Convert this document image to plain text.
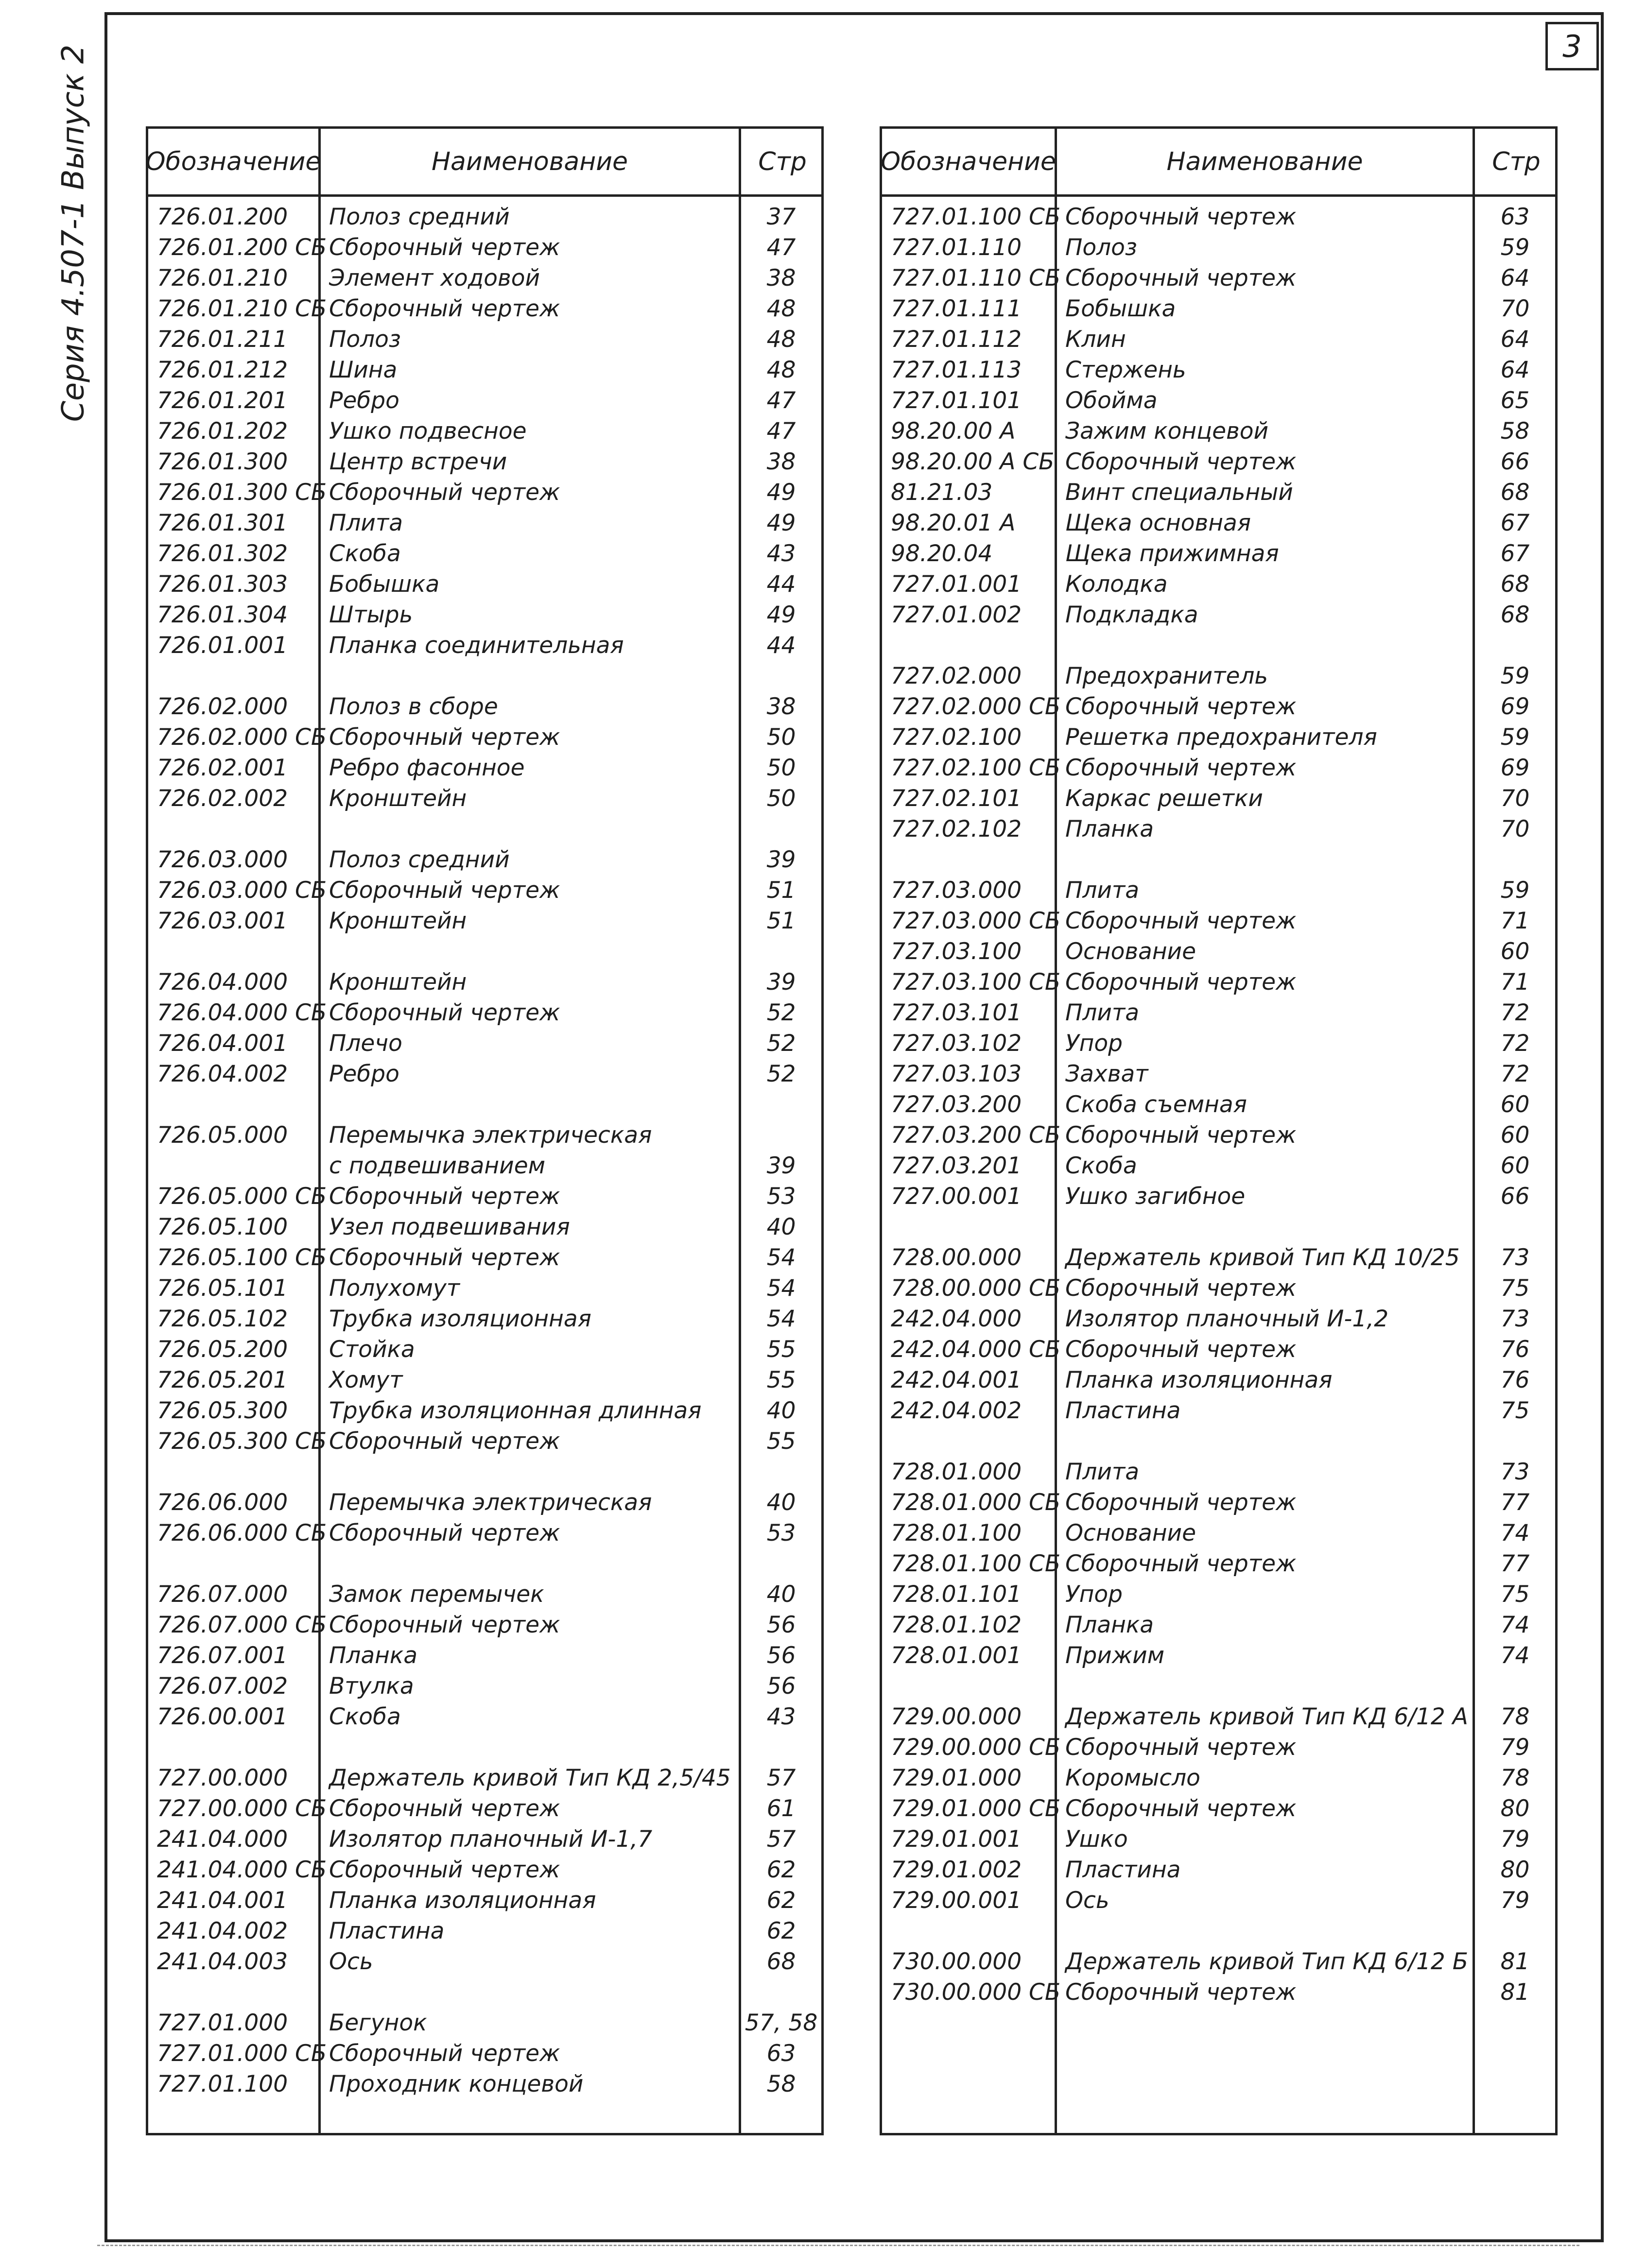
Серия 4.507-1 Выпуск 2	3
Обозначение	Наименование	Стр
726.01.200 Полоз средний	37
726.01.200 СБ Сборочный чертеж	47
726.01.210 Элемент ходовой	38
726.01.210 СБ Сборочный чертеж	48
726.01.211 Полоз	48
726.01.212 Шина	48
726.01.201 Ребро	47
726.01.202 Ушко подвесное	47
726.01.300 Центр встречи	38
726.01.300 СБ Сборочный чертеж	49
726.01.301 Плита	49
726.01.302 Скоба	43
726.01.303 Бобышка	44
726.01.304 Штырь	49
726.01.001 Планка соединительная	44
726.02.000 Полоз в сборе	38
726.02.000 СБ Сборочный чертеж	50
726.02.001 Ребро фасонное	50
726.02.002 Кронштейн	50
726.03.000 Полоз средний	39
726.03.000 СБ Сборочный чертеж	51
726.03.001 Кронштейн	51
726.04.000 Кронштейн	39
726.04.000 СБ Сборочный чертеж	52
726.04.001 Плечо	52
726.04.002 Ребро	52
726.05.000 Перемычка электрическая
с подвешиванием	39
726.05.000 СБ Сборочный чертеж	53
726.05.100 Узел подвешивания	40
726.05.100 СБ Сборочный чертеж	54
726.05.101 Полухомут	54
726.05.102 Трубка изоляционная	54
726.05.200 Стойка	55
726.05.201 Хомут	55
726.05.300 Трубка изоляционная длинная	40
726.05.300 СБ Сборочный чертеж	55
726.06.000 Перемычка электрическая	40
726.06.000 СБ Сборочный чертеж	53
726.07.000 Замок перемычек	40
726.07.000 СБ Сборочный чертеж	56
726.07.001 Планка	56
726.07.002 Втулка	56
726.00.001 Скоба	43
727.00.000 Держатель кривой Тип КД 2,5/45	57
727.00.000 СБ Сборочный чертеж	61
241.04.000 Изолятор планочный И-1,7	57
241.04.000 СБ Сборочный чертеж	62
241.04.001 Планка изоляционная	62
241.04.002 Пластина	62
241.04.003 Ось	68
727.01.000 Бегунок	57, 58
727.01.000 СБ Сборочный чертеж	63
727.01.100 Проходник концевой	58
Обозначение	Наименование	Стр
727.01.100 СБ Сборочный чертеж	63
727.01.110 Полоз	59
727.01.110 СБ Сборочный чертеж	64
727.01.111 Бобышка	70
727.01.112 Клин	64
727.01.113 Стержень	64
727.01.101 Обойма	65
98.20.00 А Зажим концевой	58
98.20.00 А СБ Сборочный чертеж	66
81.21.03	Винт специальный	68
98.20.01 А Щека основная	67
98.20.04	Щека прижимная	67
727.01.001 Колодка	68
727.01.002 Подкладка	68
727.02.000 Предохранитель	59
727.02.000 СБ Сборочный чертеж	69
727.02.100 Решетка предохранителя	59
727.02.100 СБ Сборочный чертеж	69
727.02.101 Каркас решетки	70
727.02.102 Планка	70
727.03.000 Плита	59
727.03.000 СБ Сборочный чертеж	71
727.03.100 Основание	60
727.03.100 СБ Сборочный чертеж	71
727.03.101 Плита	72
727.03.102 Упор	72
727.03.103 Захват	72
727.03.200 Скоба съемная	60
727.03.200 СБ Сборочный чертеж	60
727.03.201 Скоба	60
727.00.001 Ушко загибное	66
728.00.000 Держатель кривой Тип КД 10/25	73
728.00.000 СБ Сборочный чертеж	75
242.04.000 Изолятор планочный И-1,2	73
242.04.000 СБ Сборочный чертеж	76
242.04.001 Планка изоляционная	76
242.04.002 Пластина	75
728.01.000 Плита	73
728.01.000 СБ Сборочный чертеж	77
728.01.100 Основание	74
728.01.100 СБ Сборочный чертеж	77
728.01.101 Упор	75
728.01.102 Планка	74
728.01.001 Прижим	74
729.00.000 Держатель кривой Тип КД 6/12 А	78
729.00.000 СБ Сборочный чертеж	79
729.01.000 Коромысло	78
729.01.000 СБ Сборочный чертеж	80
729.01.001 Ушко	79
729.01.002 Пластина	80
729.00.001 Ось	79
730.00.000 Держатель кривой Тип КД 6/12 Б	81
730.00.000 СБ Сборочный чертеж	81
